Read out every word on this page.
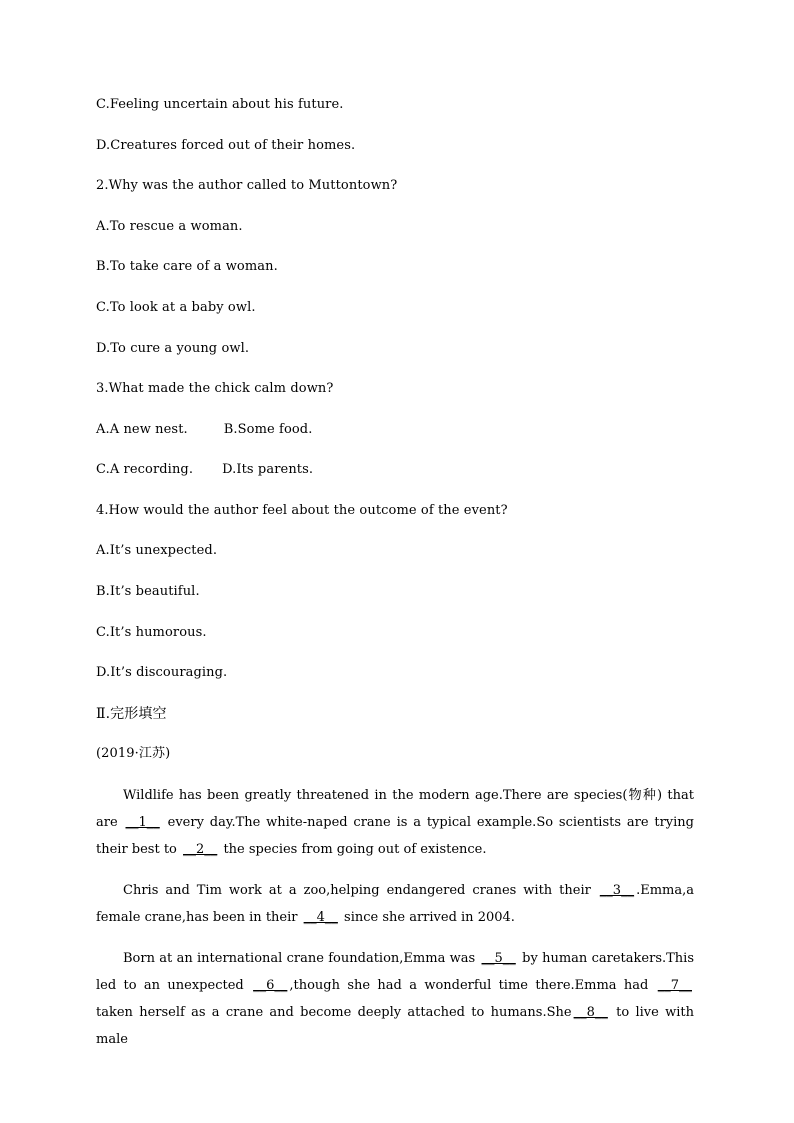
C.Feeling uncertain about his future.
D.Creatures forced out of their homes.
2.Why was the author called to Muttontown?
A.To rescue a woman.
B.To take care of a woman.
C.To look at a baby owl.
D.To cure a young owl.
3.What made the chick calm down?
A.A new nest.	B.Some food.
C.A recording. D.Its parents.
4.How would the author feel about the outcome of the event?
A.It’s unexpected.
B.It’s beautiful.
C.It’s humorous.
D.It’s discouraging.
Ⅱ.完形填空
(2019·江苏)
Wildlife has been greatly threatened in the modern age.There are species(物种) that are __1__ every day.The white-naped crane is a typical example.So scientists are trying their best to __2__ the species from going out of existence.
Chris and Tim work at a zoo,helping endangered cranes with their __3__ .Emma,a female crane,has been in their __4__ since she arrived in 2004.
Born at an international crane foundation,Emma was __5__ by human caretakers.This led to an unexpected __6__ ,though she had a wonderful time there.Emma had __7__ taken herself as a crane and become deeply attached to humans.She __8__ to live with male
